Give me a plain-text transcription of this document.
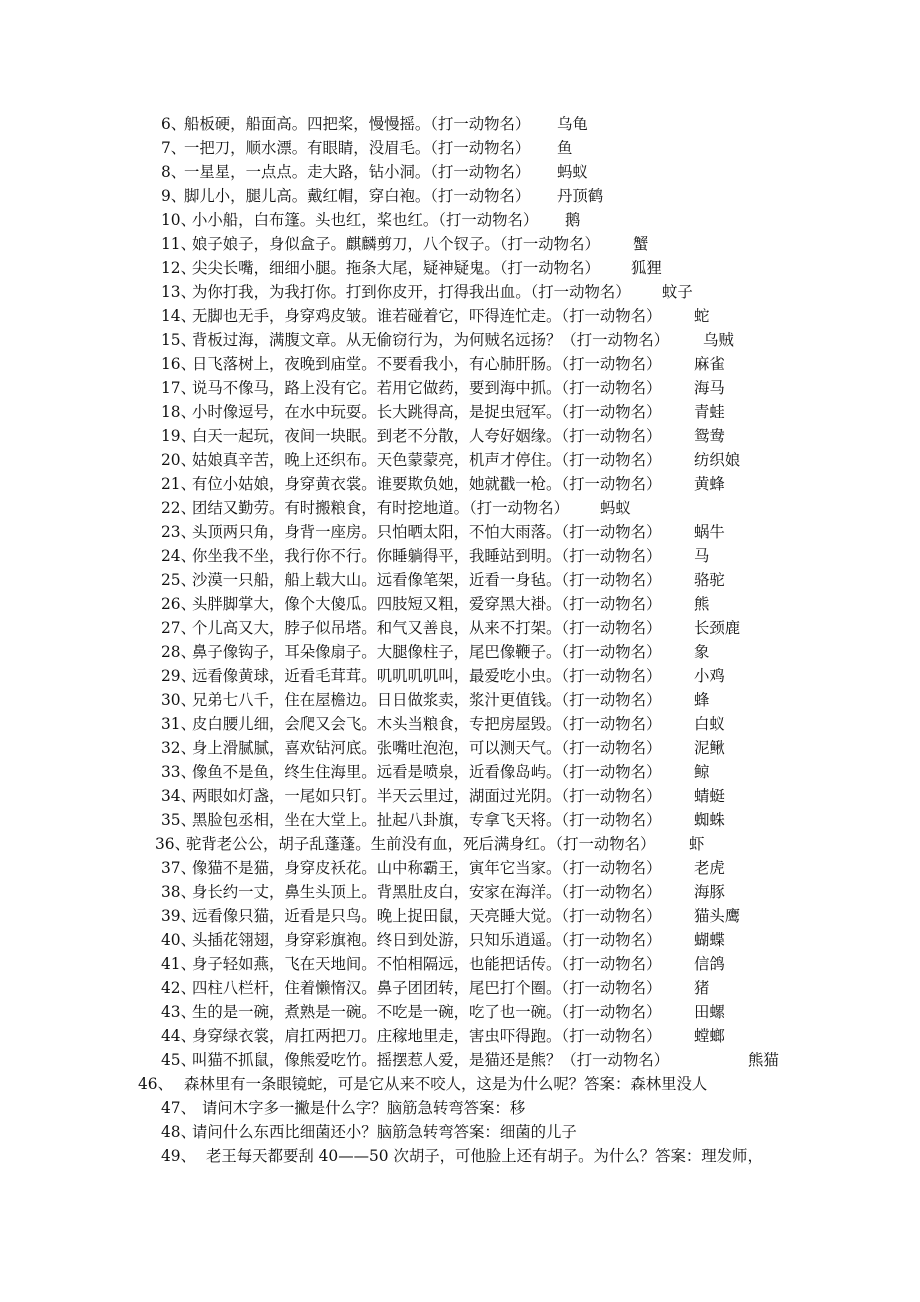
6、

船板硬，船面高。四把桨，慢慢摇。（打一动物名）

乌龟

7、

一把刀，顺水漂。有眼睛，没眉毛。（打一动物名）

鱼

8、

一星星，一点点。走大路，钻小洞。（打一动物名）

蚂蚁

9、

脚儿小，腿儿高。戴红帽，穿白袍。（打一动物名）

丹顶鹤

10、

小小船，白布篷。头也红，桨也红。（打一动物名）

鹅

11、

娘子娘子，身似盒子。麒麟剪刀，八个钗子。（打一动物名）

蟹

12、

尖尖长嘴，细细小腿。拖条大尾，疑神疑鬼。（打一动物名）

狐狸

13、

为你打我，为我打你。打到你皮开，打得我出血。（打一动物名）

蚊子

14、

无脚也无手，身穿鸡皮皱。谁若碰着它，吓得连忙走。（打一动物名）

蛇

15、

背板过海，满腹文章。从无偷窃行为，为何贼名远扬？（打一动物名）

乌贼

16、

日飞落树上，夜晚到庙堂。不要看我小，有心肺肝肠。（打一动物名）

麻雀

17、

说马不像马，路上没有它。若用它做药，要到海中抓。（打一动物名）

海马

18、

小时像逗号，在水中玩耍。长大跳得高，是捉虫冠军。（打一动物名）

青蛙

19、

白天一起玩，夜间一块眠。到老不分散，人夸好姻缘。（打一动物名）

鸳鸯

20、

姑娘真辛苦，晚上还织布。天色蒙蒙亮，机声才停住。（打一动物名）

纺织娘

21、

有位小姑娘，身穿黄衣裳。谁要欺负她，她就戳一枪。（打一动物名）

黄蜂

22、

团结又勤劳。有时搬粮食，有时挖地道。（打一动物名）

蚂蚁

23、

头顶两只角，身背一座房。只怕晒太阳，不怕大雨落。（打一动物名）

蜗牛

24、

你坐我不坐，我行你不行。你睡躺得平，我睡站到明。（打一动物名）

马

25、

沙漠一只船，船上载大山。远看像笔架，近看一身毡。（打一动物名）

骆驼

26、

头胖脚掌大，像个大傻瓜。四肢短又粗，爱穿黑大褂。（打一动物名）

熊

27、

个儿高又大，脖子似吊塔。和气又善良，从来不打架。（打一动物名）

长颈鹿

28、

鼻子像钩子，耳朵像扇子。大腿像柱子，尾巴像鞭子。（打一动物名）

象

29、

远看像黄球，近看毛茸茸。叽叽叽叽叫，最爱吃小虫。（打一动物名）

小鸡

30、

兄弟七八千，住在屋檐边。日日做浆卖，浆汁更值钱。（打一动物名）

蜂

31、

皮白腰儿细，会爬又会飞。木头当粮食，专把房屋毁。（打一动物名）

白蚁

32、

身上滑腻腻，喜欢钻河底。张嘴吐泡泡，可以测天气。（打一动物名）

泥鳅

33、

像鱼不是鱼，终生住海里。远看是喷泉，近看像岛屿。（打一动物名）

鲸

34、

两眼如灯盏，一尾如只钉。半天云里过，湖面过光阴。（打一动物名）

蜻蜓

35、

黑脸包丞相，坐在大堂上。扯起八卦旗，专拿飞天将。（打一动物名）

蜘蛛

36、

驼背老公公，胡子乱蓬蓬。生前没有血，死后满身红。（打一动物名）

虾

37、

像猫不是猫，身穿皮袄花。山中称霸王，寅年它当家。（打一动物名）

老虎

38、

身长约一丈，鼻生头顶上。背黑肚皮白，安家在海洋。（打一动物名）

海豚

39、

远看像只猫，近看是只鸟。晚上捉田鼠，天亮睡大觉。（打一动物名）

猫头鹰

40、

头插花翎翅，身穿彩旗袍。终日到处游，只知乐逍遥。（打一动物名）

蝴蝶

41、

身子轻如燕，飞在天地间。不怕相隔远，也能把话传。（打一动物名）

信鸽

42、

四柱八栏杆，住着懒惰汉。鼻子团团转，尾巴打个圈。（打一动物名）

猪

43、

生的是一碗，煮熟是一碗。不吃是一碗，吃了也一碗。（打一动物名）

田螺

44、

身穿绿衣裳，肩扛两把刀。庄稼地里走，害虫吓得跑。（打一动物名）

螳螂

45、

叫猫不抓鼠，像熊爱吃竹。摇摆惹人爱，是猫还是熊？（打一动物名）

	熊猫

46、

森林里有一条眼镜蛇，可是它从来不咬人，这是为什么呢？答案：森林里没人

47、

请问木字多一撇是什么字？脑筋急转弯答案：移

48、

请问什么东西比细菌还小？脑筋急转弯答案：细菌的儿子

49、

老王每天都要刮 40——50 次胡子，可他脸上还有胡子。为什么？答案：理发师，
